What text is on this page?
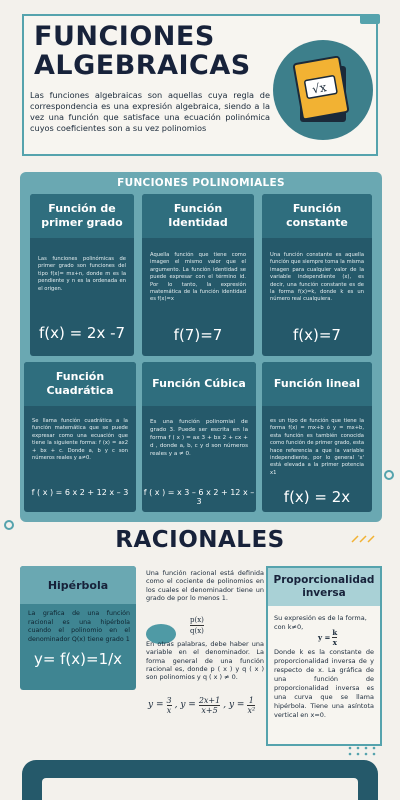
FUNCIONES
ALGEBRAICAS
Las funciones algebraicas son aquellas cuya regla de correspondencia es una expresión algebraica, siendo a la vez una función que satisface una ecuación polinómica cuyos coeficientes son a su vez polinomios
√x
FUNCIONES POLINOMIALES
Función de primer grado
Las funciones polinómicas de primer grado son funciones del tipo f(x)= mx+n, donde m es la pendiente y n es la ordenada en el origen.
f(x) = 2x -7
Función Identidad
Aquella función que tiene como imagen el mismo valor que el argumento. La función identidad se puede expresar con el término id. Por lo tanto, la expresión matemática de la función identidad es f(x)=x
f(7)=7
Función constante
Una función constante es aquella función que siempre toma la misma imagen para cualquier valor de la variable independiente (x), es decir, una función constante es de la forma f(x)=k, donde k es un número real cualquiera.
f(x)=7
Función Cuadrática
Se llama función cuadrática a la función matemática que se puede expresar como una ecuación que tiene la siguiente forma: f (x) = ax2 + bx + c. Donde a, b y c son números reales y a≠0.
f ( x ) = 6 x 2 + 12 x – 3
Función Cúbica
Es una función polinomial de grado 3. Puede ser escrita en la forma f ( x ) = ax 3 + bx 2 + cx + d , donde a, b, c y d son números reales y a ≠ 0.
f ( x ) = x 3 – 6 x 2 + 12 x – 3
Función lineal
es un tipo de función que tiene la forma f(x) = mx+b ó y = mx+b, esta función es también conocida como función de primer grado, esta hace referencia a que la variable independiente, por lo general 'x' está elevada a la primer potencia x1
f(x) = 2x
RACIONALES
Hipérbola
La grafica de una función racional es una hipérbola cuando el polinomio en el denominador Q(x) tiene grado 1
y= f(x)=1/x
Una función racional está definida como el cociente de polinomios en los cuales el denominador tiene un grado de por lo menos 1.
p(x)
q(x)
En otras palabras, debe haber una variable en el denominador. La forma general de una función racional es, donde p ( x ) y q ( x ) son polinomios y q ( x ) ≠ 0.
$y = \frac{3}{x}$ , $y = \frac{2x+1}{x+5}$ , $y = \frac{1}{\text{x²}}$
Proporcionalidad inversa
Su expresión es de la forma, con k≠0,
$y = \frac{k}{x}$
Donde k es la constante de proporcionalidad inversa de y respecto de x. La gráfica de una función de proporcionalidad inversa es una curva que se llama hipérbola. Tiene una asíntota vertical en x=0.
